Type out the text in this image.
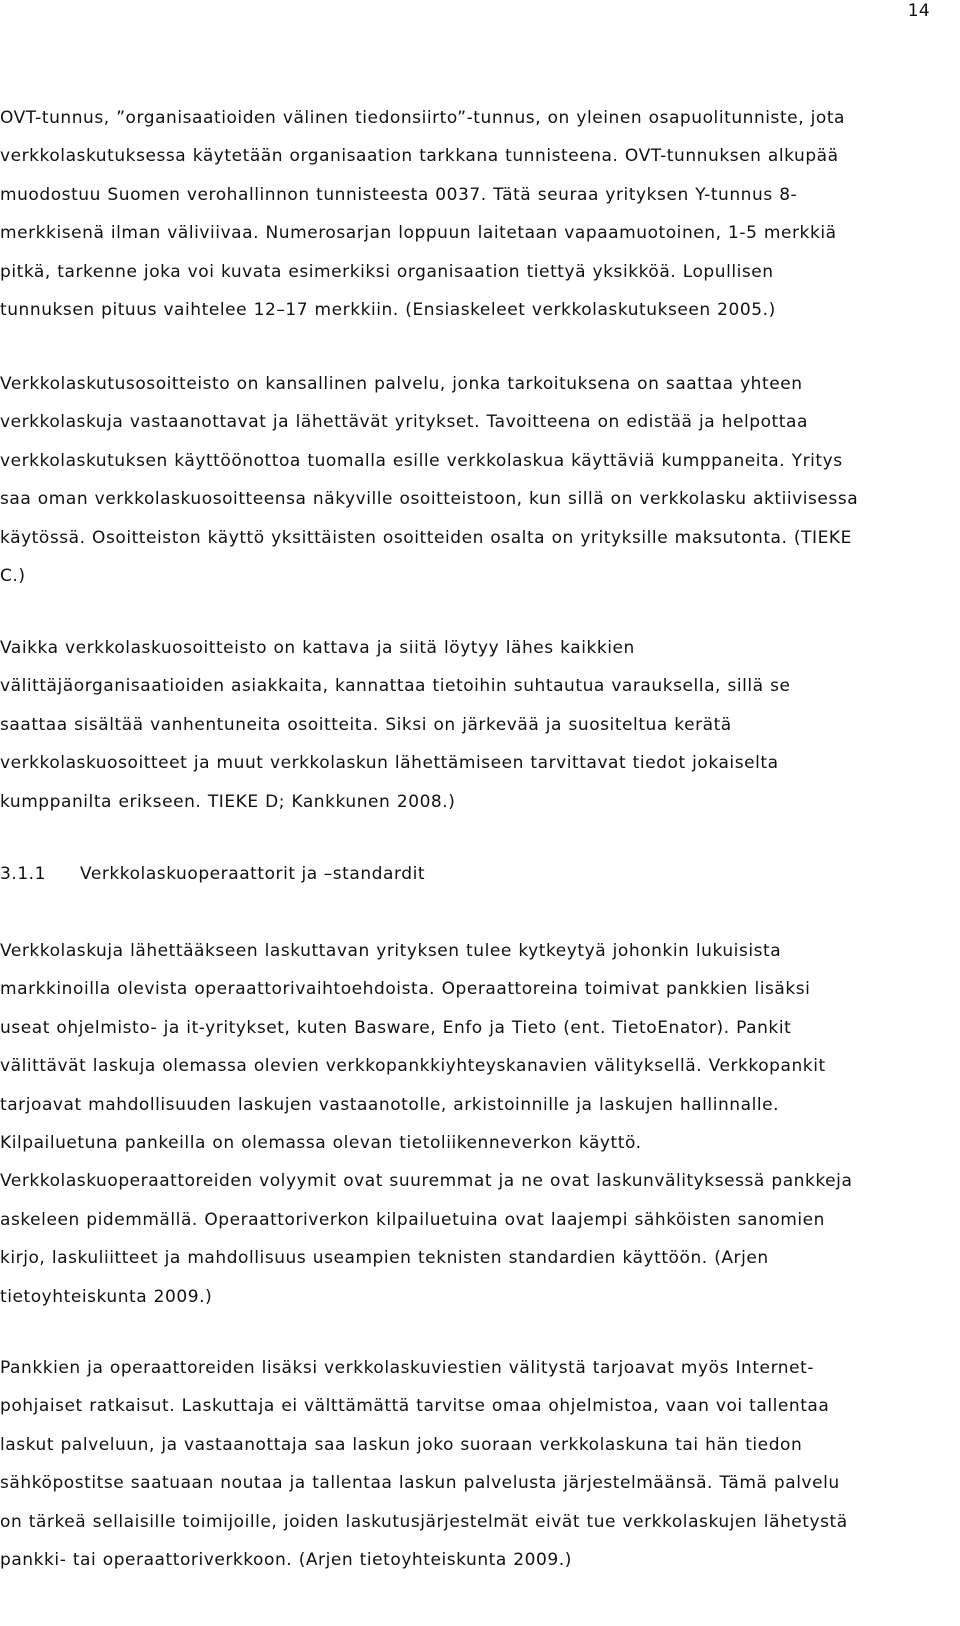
14
OVT-tunnus, ”organisaatioiden välinen tiedonsiirto”-tunnus, on yleinen osapuolitunniste, jota
verkkolaskutuksessa käytetään organisaation tarkkana tunnisteena. OVT-tunnuksen alkupää
muodostuu Suomen verohallinnon tunnisteesta 0037. Tätä seuraa yrityksen Y-tunnus 8-
merkkisenä ilman väliviivaa. Numerosarjan loppuun laitetaan vapaamuotoinen, 1-5 merkkiä
pitkä, tarkenne joka voi kuvata esimerkiksi organisaation tiettyä yksikköä. Lopullisen
tunnuksen pituus vaihtelee 12–17 merkkiin. (Ensiaskeleet verkkolaskutukseen 2005.)
Verkkolaskutusosoitteisto on kansallinen palvelu, jonka tarkoituksena on saattaa yhteen
verkkolaskuja vastaanottavat ja lähettävät yritykset. Tavoitteena on edistää ja helpottaa
verkkolaskutuksen käyttöönottoa tuomalla esille verkkolaskua käyttäviä kumppaneita. Yritys
saa oman verkkolaskuosoitteensa näkyville osoitteistoon, kun sillä on verkkolasku aktiivisessa
käytössä. Osoitteiston käyttö yksittäisten osoitteiden osalta on yrityksille maksutonta. (TIEKE
C.)
Vaikka verkkolaskuosoitteisto on kattava ja siitä löytyy lähes kaikkien
välittäjäorganisaatioiden asiakkaita, kannattaa tietoihin suhtautua varauksella, sillä se
saattaa sisältää vanhentuneita osoitteita. Siksi on järkevää ja suositeltua kerätä
verkkolaskuosoitteet ja muut verkkolaskun lähettämiseen tarvittavat tiedot jokaiselta
kumppanilta erikseen. TIEKE D; Kankkunen 2008.)
3.1.1 Verkkolaskuoperaattorit ja –standardit
Verkkolaskuja lähettääkseen laskuttavan yrityksen tulee kytkeytyä johonkin lukuisista
markkinoilla olevista operaattorivaihtoehdoista. Operaattoreina toimivat pankkien lisäksi
useat ohjelmisto- ja it-yritykset, kuten Basware, Enfo ja Tieto (ent. TietoEnator). Pankit
välittävät laskuja olemassa olevien verkkopankkiyhteyskanavien välityksellä. Verkkopankit
tarjoavat mahdollisuuden laskujen vastaanotolle, arkistoinnille ja laskujen hallinnalle.
Kilpailuetuna pankeilla on olemassa olevan tietoliikenneverkon käyttö.
Verkkolaskuoperaattoreiden volyymit ovat suuremmat ja ne ovat laskunvälityksessä pankkeja
askeleen pidemmällä. Operaattoriverkon kilpailuetuina ovat laajempi sähköisten sanomien
kirjo, laskuliitteet ja mahdollisuus useampien teknisten standardien käyttöön. (Arjen
tietoyhteiskunta 2009.)
Pankkien ja operaattoreiden lisäksi verkkolaskuviestien välitystä tarjoavat myös Internet-
pohjaiset ratkaisut. Laskuttaja ei välttämättä tarvitse omaa ohjelmistoa, vaan voi tallentaa
laskut palveluun, ja vastaanottaja saa laskun joko suoraan verkkolaskuna tai hän tiedon
sähköpostitse saatuaan noutaa ja tallentaa laskun palvelusta järjestelmäänsä. Tämä palvelu
on tärkeä sellaisille toimijoille, joiden laskutusjärjestelmät eivät tue verkkolaskujen lähetystä
pankki- tai operaattoriverkkoon. (Arjen tietoyhteiskunta 2009.)
